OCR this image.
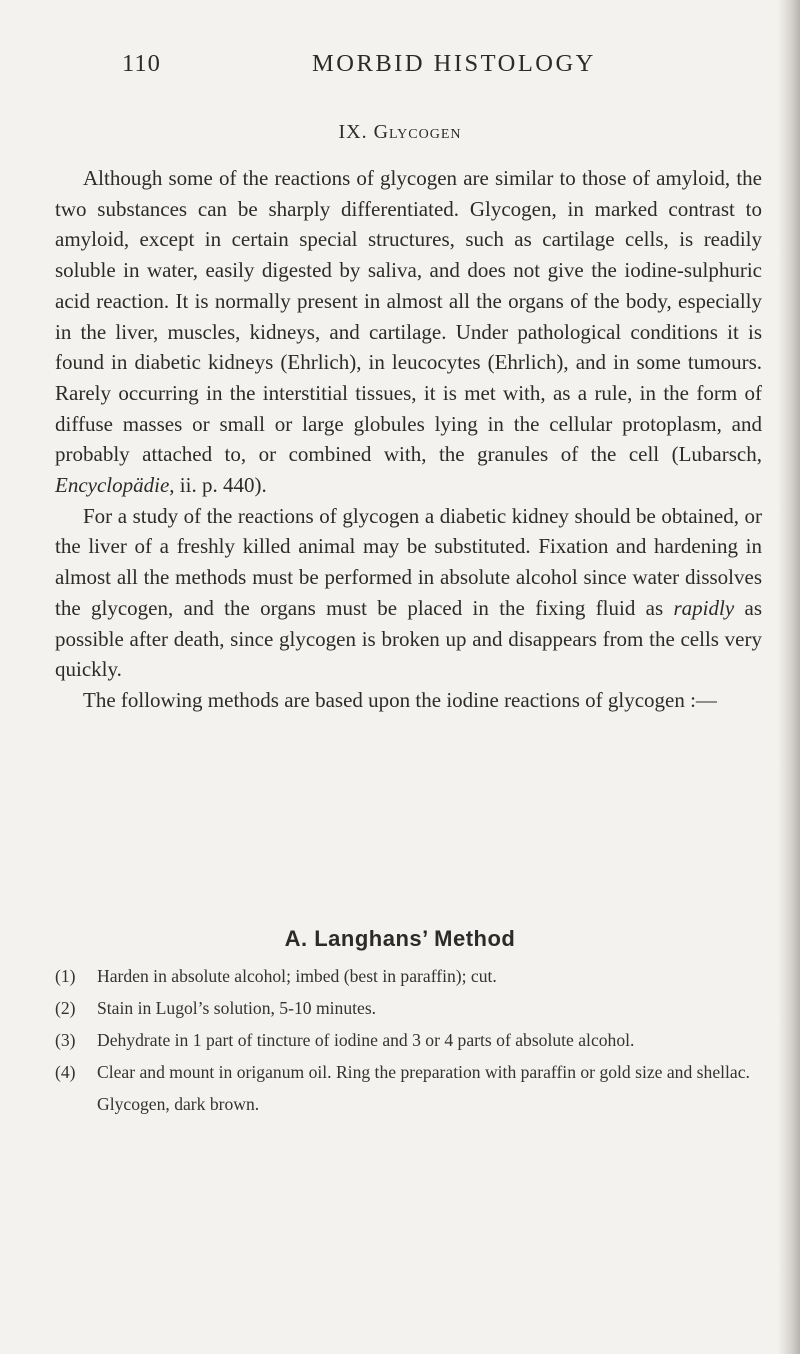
110	MORBID HISTOLOGY
IX. Glycogen

Although some of the reactions of glycogen are similar to those of amyloid, the two substances can be sharply differentiated. Glycogen, in marked contrast to amyloid, except in certain special structures, such as cartilage cells, is readily soluble in water, easily digested by saliva, and does not give the iodine-sulphuric acid reaction. It is normally present in almost all the organs of the body, especially in the liver, muscles, kidneys, and cartilage. Under pathological conditions it is found in diabetic kidneys (Ehrlich), in leucocytes (Ehrlich), and in some tumours. Rarely occurring in the interstitial tissues, it is met with, as a rule, in the form of diffuse masses or small or large globules lying in the cellular protoplasm, and probably attached to, or combined with, the granules of the cell (Lubarsch, Encyclopädie, ii. p. 440).

For a study of the reactions of glycogen a diabetic kidney should be obtained, or the liver of a freshly killed animal may be substituted. Fixation and hardening in almost all the methods must be performed in absolute alcohol since water dissolves the glycogen, and the organs must be placed in the fixing fluid as rapidly as possible after death, since glycogen is broken up and disappears from the cells very quickly.

The following methods are based upon the iodine reactions of glycogen :—

A. Langhans’ Method
(1) Harden in absolute alcohol; imbed (best in paraffin); cut.
(2) Stain in Lugol’s solution, 5-10 minutes.
(3) Dehydrate in 1 part of tincture of iodine and 3 or 4 parts of absolute alcohol.
(4) Clear and mount in origanum oil. Ring the preparation with paraffin or gold size and shellac.
Glycogen, dark brown.
